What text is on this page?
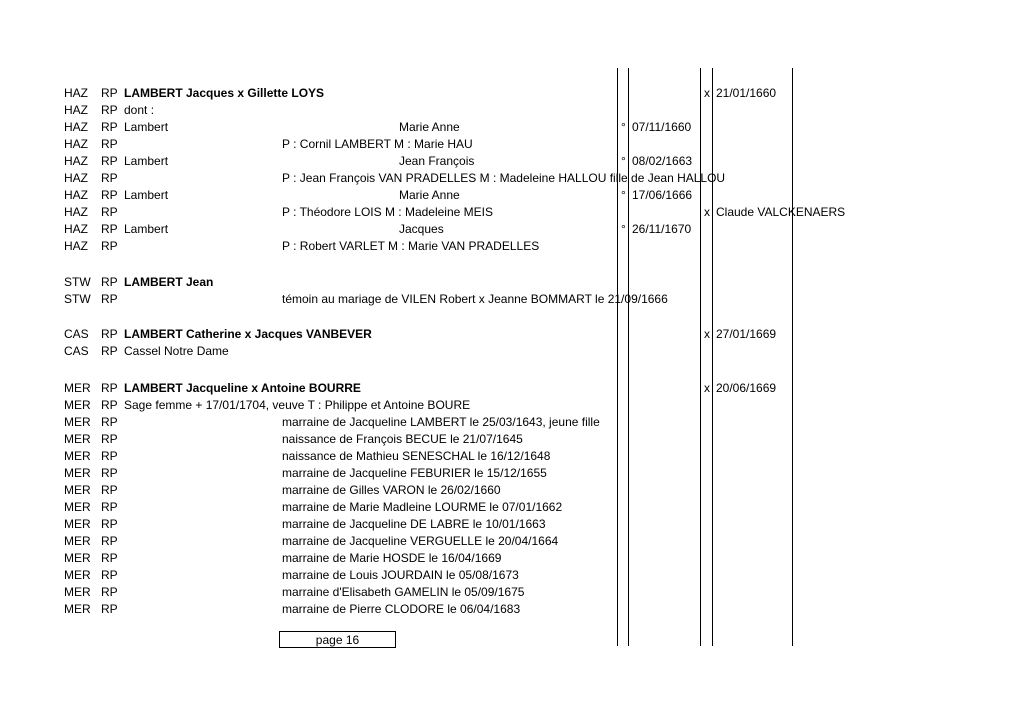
HAZ RP LAMBERT Jacques x Gillette LOYS	x 21/01/1660
HAZ RP dont :
HAZ RP Lambert	Marie Anne	° 07/11/1660
HAZ RP	P : Cornil LAMBERT M : Marie HAU
HAZ RP Lambert	Jean François	° 08/02/1663
HAZ RP	P : Jean François VAN PRADELLES M : Madeleine HALLOU fille de Jean HALLOU
HAZ RP Lambert	Marie Anne	° 17/06/1666
HAZ RP	P : Théodore LOIS M : Madeleine MEIS	x Claude VALCKENAERS
HAZ RP Lambert	Jacques	° 26/11/1670
HAZ RP	P : Robert VARLET M : Marie VAN PRADELLES
STW RP LAMBERT Jean
STW RP	témoin au mariage de VILEN Robert x Jeanne BOMMART le 21/09/1666
CAS RP LAMBERT Catherine x Jacques VANBEVER	x 27/01/1669
CAS RP Cassel Notre Dame
MER RP LAMBERT Jacqueline x Antoine BOURRE	x 20/06/1669
MER RP Sage femme + 17/01/1704, veuve T : Philippe et Antoine BOURE
MER RP	marraine de Jacqueline LAMBERT le 25/03/1643, jeune fille
MER RP	naissance de François BECUE le 21/07/1645
MER RP	naissance de Mathieu SENESCHAL le 16/12/1648
MER RP	marraine de Jacqueline FEBURIER le 15/12/1655
MER RP	marraine de Gilles VARON le 26/02/1660
MER RP	marraine de Marie Madleine LOURME le 07/01/1662
MER RP	marraine de Jacqueline DE LABRE le 10/01/1663
MER RP	marraine de Jacqueline VERGUELLE le 20/04/1664
MER RP	marraine de Marie HOSDE le 16/04/1669
MER RP	marraine de Louis JOURDAIN le 05/08/1673
MER RP	marraine d'Elisabeth GAMELIN le 05/09/1675
MER RP	marraine de Pierre CLODORE le 06/04/1683
page 16
